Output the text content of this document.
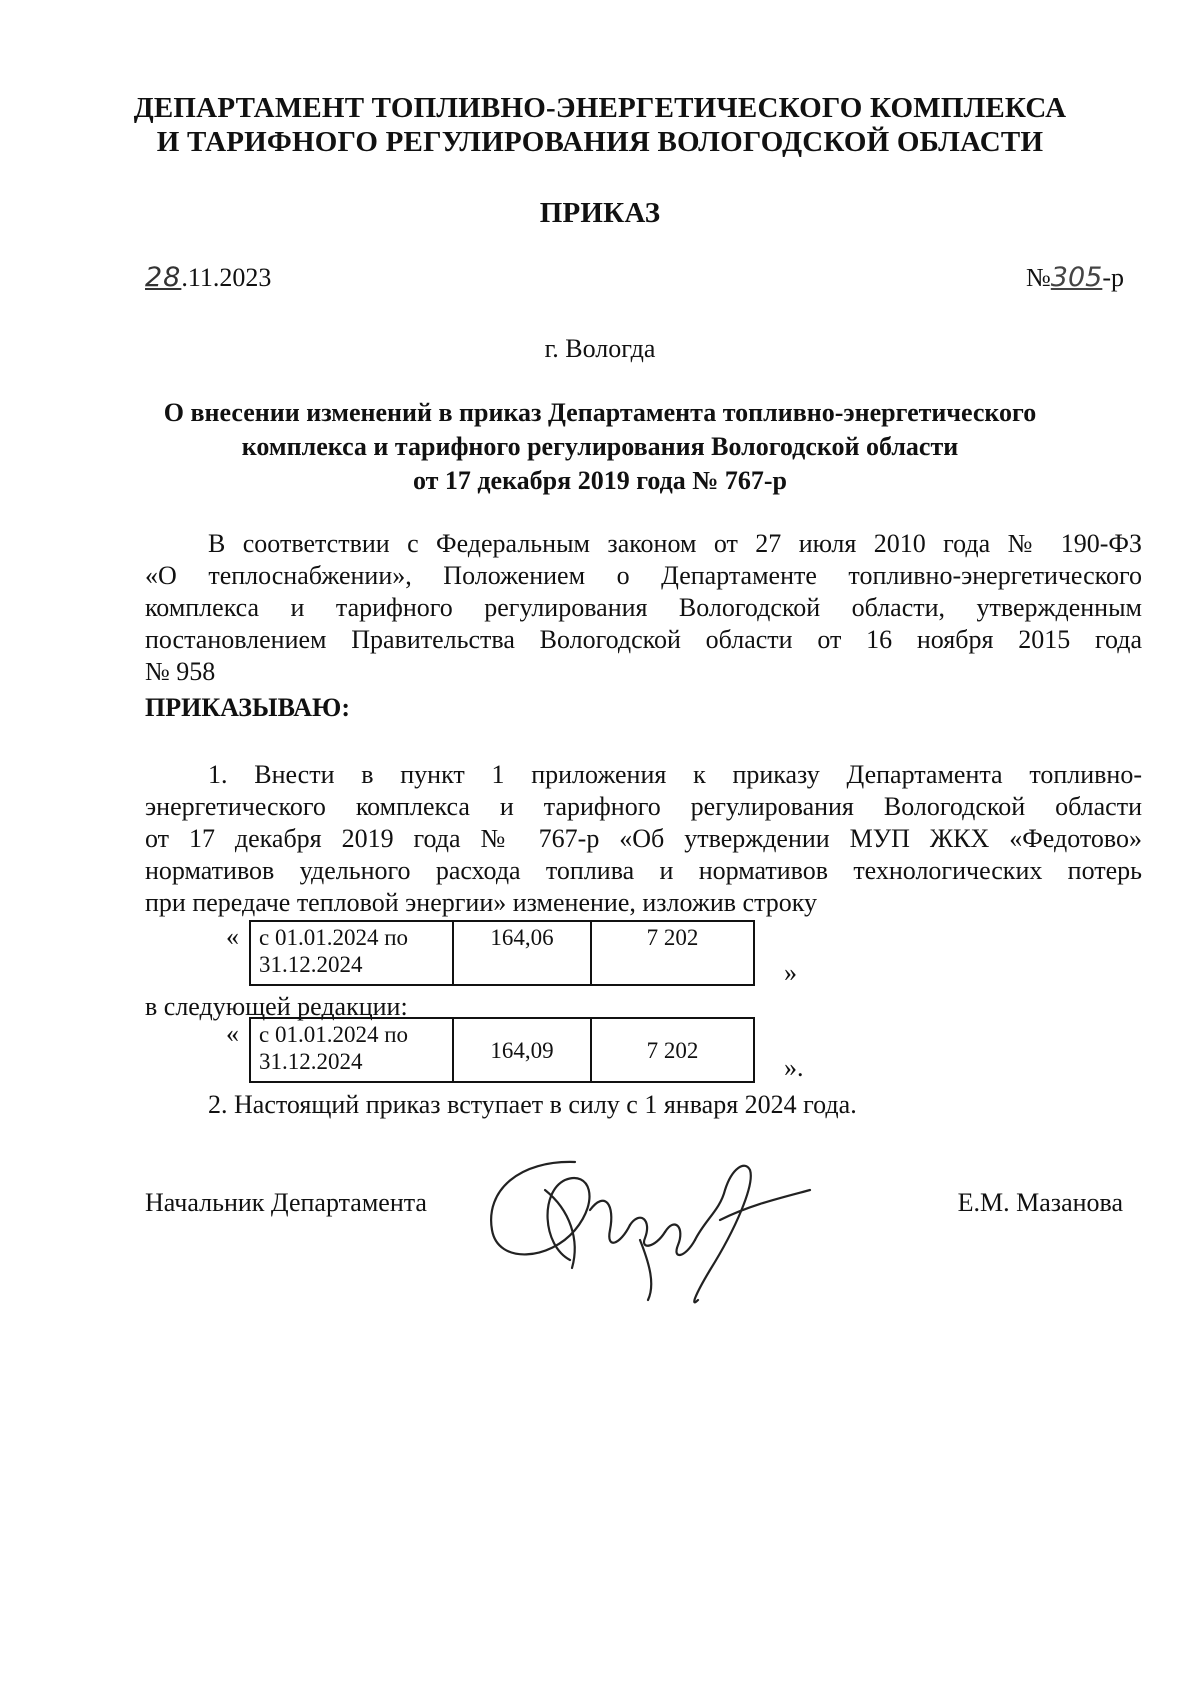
ДЕПАРТАМЕНТ ТОПЛИВНО-ЭНЕРГЕТИЧЕСКОГО КОМПЛЕКСА
И ТАРИФНОГО РЕГУЛИРОВАНИЯ ВОЛОГОДСКОЙ ОБЛАСТИ
ПРИКАЗ
28.11.2023	№305-р
г. Вологда
О внесении изменений в приказ Департамента топливно-энергетического
комплекса и тарифного регулирования Вологодской области
от 17 декабря 2019 года № 767-р
В соответствии с Федеральным законом от 27 июля 2010 года № 190-ФЗ
«О теплоснабжении», Положением о Департаменте топливно-энергетического
комплекса и тарифного регулирования Вологодской области, утвержденным
постановлением Правительства Вологодской области от 16 ноября 2015 года
№ 958
ПРИКАЗЫВАЮ:
1. Внести в пункт 1 приложения к приказу Департамента топливно-
энергетического комплекса и тарифного регулирования Вологодской области
от 17 декабря 2019 года № 767-р «Об утверждении МУП ЖКХ «Федотово»
нормативов удельного расхода топлива и нормативов технологических потерь
при передаче тепловой энергии» изменение, изложив строку
« с 01.01.2024 по
31.12.2024
	164,06	7 202
»
в следующей редакции:
« с 01.01.2024 по
31.12.2024	164,09	7 202
».
2. Настоящий приказ вступает в силу с 1 января 2024 года.
Начальник Департамента	Е.М. Мазанова
